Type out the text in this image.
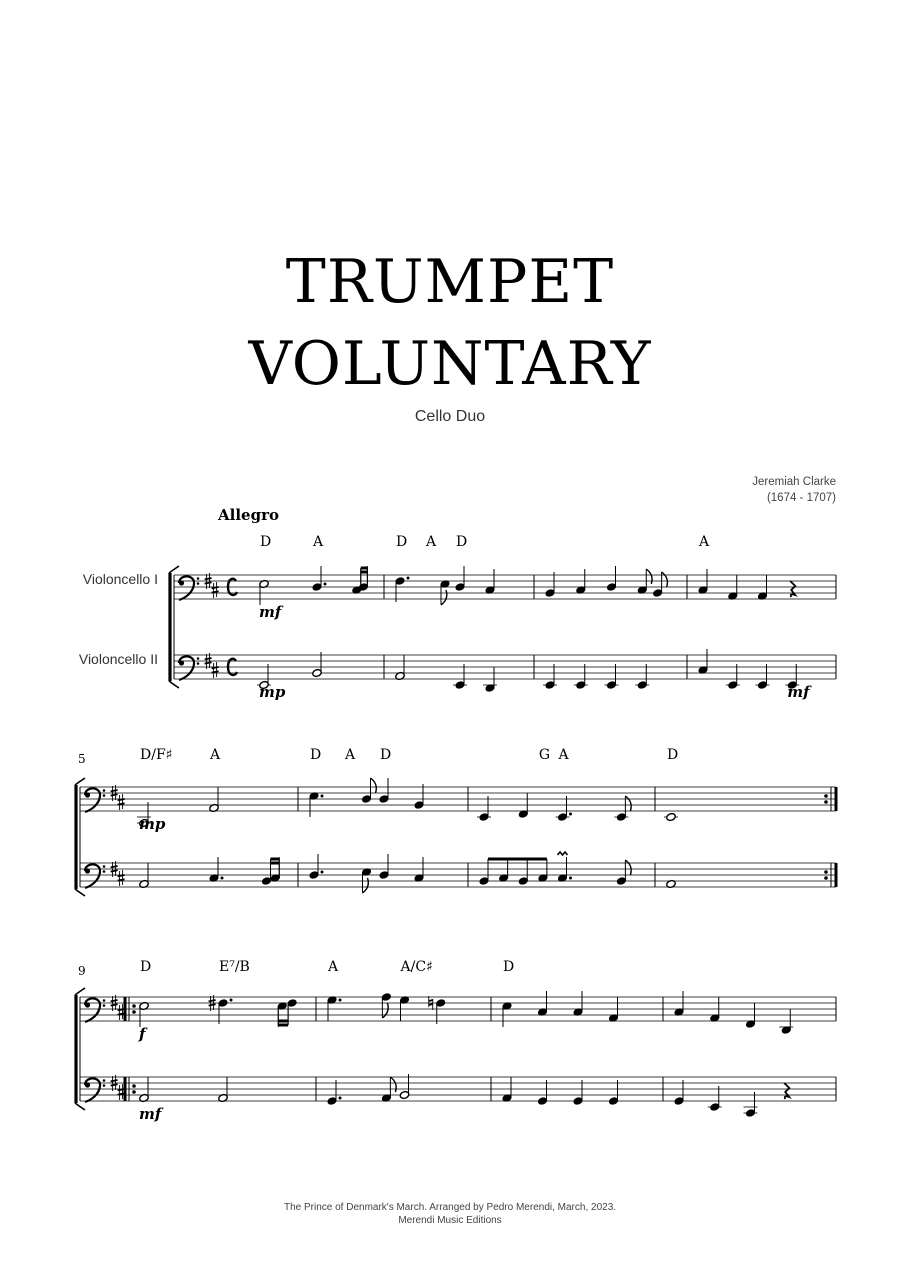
TRUMPET
VOLUNTARY
Cello Duo
Jeremiah Clarke
(1674 - 1707)
Allegro
Violoncello I
Violoncello II
5
9
D	A	D A D	A
mf
mp	mf
D/F♯	A	D A D	G A	D
mp
D	E⁷/B	A	A/C♯	D
f
mf
The Prince of Denmark's March. Arranged by Pedro Merendi, March, 2023.
Merendi Music Editions
